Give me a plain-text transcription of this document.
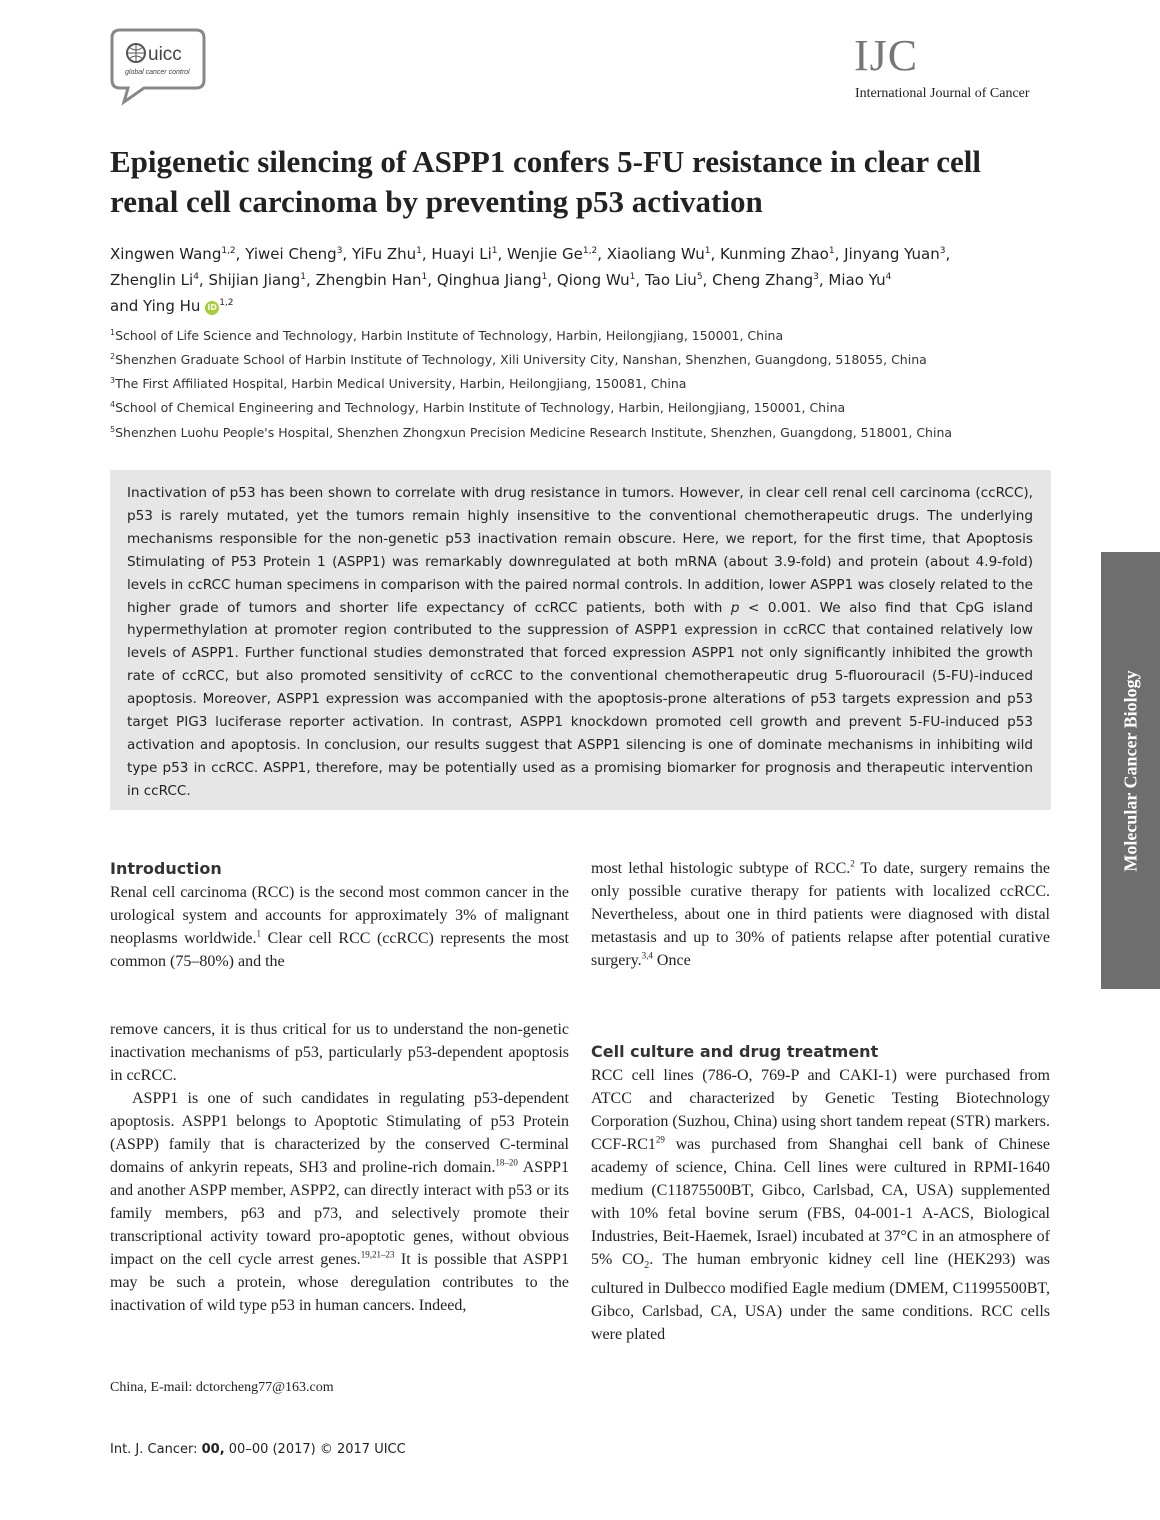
uicc
global cancer control	IJC
International Journal of Cancer
Epigenetic silencing of ASPP1 confers 5-FU resistance in clear cell renal cell carcinoma by preventing p53 activation
Xingwen Wang$^{1,2}$, Yiwei Cheng$^3$, YiFu Zhu$^1$, Huayi Li$^1$, Wenjie Ge$^{1,2}$, Xiaoliang Wu$^1$, Kunming Zhao$^1$, Jinyang Yuan$^3$,
Zhenglin Li$^4$, Shijian Jiang$^1$, Zhengbin Han$^1$, Qinghua Jiang$^1$, Qiong Wu$^1$, Tao Liu$^5$, Cheng Zhang$^3$, Miao Yu$^4$
and Ying Hu iD $^{1,2}$
$^1$School of Life Science and Technology, Harbin Institute of Technology, Harbin, Heilongjiang, 150001, China
$^2$Shenzhen Graduate School of Harbin Institute of Technology, Xili University City, Nanshan, Shenzhen, Guangdong, 518055, China
$^3$The First Affiliated Hospital, Harbin Medical University, Harbin, Heilongjiang, 150081, China
$^4$School of Chemical Engineering and Technology, Harbin Institute of Technology, Harbin, Heilongjiang, 150001, China
$^5$Shenzhen Luohu People's Hospital, Shenzhen Zhongxun Precision Medicine Research Institute, Shenzhen, Guangdong, 518001, China
Inactivation of p53 has been shown to correlate with drug resistance in tumors. However, in clear cell renal cell carcinoma (ccRCC), p53 is rarely mutated, yet the tumors remain highly insensitive to the conventional chemotherapeutic drugs. The underlying mechanisms responsible for the non-genetic p53 inactivation remain obscure. Here, we report, for the first time, that Apoptosis Stimulating of P53 Protein 1 (ASPP1) was remarkably downregulated at both mRNA (about 3.9-fold) and protein (about 4.9-fold) levels in ccRCC human specimens in comparison with the paired normal controls. In addition, lower ASPP1 was closely related to the higher grade of tumors and shorter life expectancy of ccRCC patients, both with p < 0.001. We also find that CpG island hypermethylation at promoter region contributed to the suppression of ASPP1 expression in ccRCC that contained relatively low levels of ASPP1. Further functional studies demonstrated that forced expression ASPP1 not only significantly inhibited the growth rate of ccRCC, but also promoted sensitivity of ccRCC to the conventional chemotherapeutic drug 5-fluorouracil (5-FU)-induced apoptosis. Moreover, ASPP1 expression was accompanied with the apoptosis-prone alterations of p53 targets expression and p53 target PIG3 luciferase reporter activation. In contrast, ASPP1 knockdown promoted cell growth and prevent 5-FU-induced p53 activation and apoptosis. In conclusion, our results suggest that ASPP1 silencing is one of dominate mechanisms in inhibiting wild type p53 in ccRCC. ASPP1, therefore, may be potentially used as a promising biomarker for prognosis and therapeutic intervention in ccRCC.	Molecular Cancer Biology
Introduction
Renal cell carcinoma (RCC) is the second most common cancer in the urological system and accounts for approximately 3% of malignant neoplasms worldwide.$^1$ Clear cell RCC (ccRCC) represents the most common (75–80%) and the
most lethal histologic subtype of RCC.$^2$ To date, surgery remains the only possible curative therapy for patients with localized ccRCC. Nevertheless, about one in third patients were diagnosed with distal metastasis and up to 30% of patients relapse after potential curative surgery.$^{3,4}$ Once
remove cancers, it is thus critical for us to understand the non-genetic inactivation mechanisms of p53, particularly p53-dependent apoptosis in ccRCC.
ASPP1 is one of such candidates in regulating p53-dependent apoptosis. ASPP1 belongs to Apoptotic Stimulating of p53 Protein (ASPP) family that is characterized by the conserved C-terminal domains of ankyrin repeats, SH3 and proline-rich domain.$^{18-20}$ ASPP1 and another ASPP member, ASPP2, can directly interact with p53 or its family members, p63 and p73, and selectively promote their transcriptional activity toward pro-apoptotic genes, without obvious impact on the cell cycle arrest genes.$^{19,21-23}$ It is possible that ASPP1 may be such a protein, whose deregulation contributes to the inactivation of wild type p53 in human cancers. Indeed,
Cell culture and drug treatment
RCC cell lines (786-O, 769-P and CAKI-1) were purchased from ATCC and characterized by Genetic Testing Biotechnology Corporation (Suzhou, China) using short tandem repeat (STR) markers. CCF-$RC1^{29}$ was purchased from Shanghai cell bank of Chinese academy of science, China. Cell lines were cultured in RPMI-1640 medium (C11875500BT, Gibco, Carlsbad, CA, USA) supplemented with 10% fetal bovine serum (FBS, 04-001-1 A-ACS, Biological Industries, Beit-Haemek, Israel) incubated at 37°C in an atmosphere of 5% $CO_2$. The human embryonic kidney cell line (HEK293) was cultured in Dulbecco modified Eagle medium (DMEM, C11995500BT, Gibco, Carlsbad, CA, USA) under the same conditions. RCC cells were plated
China, E-mail: dctorcheng77@163.com
Int. J. Cancer: 00, 00–00 (2017) © 2017 UICC
